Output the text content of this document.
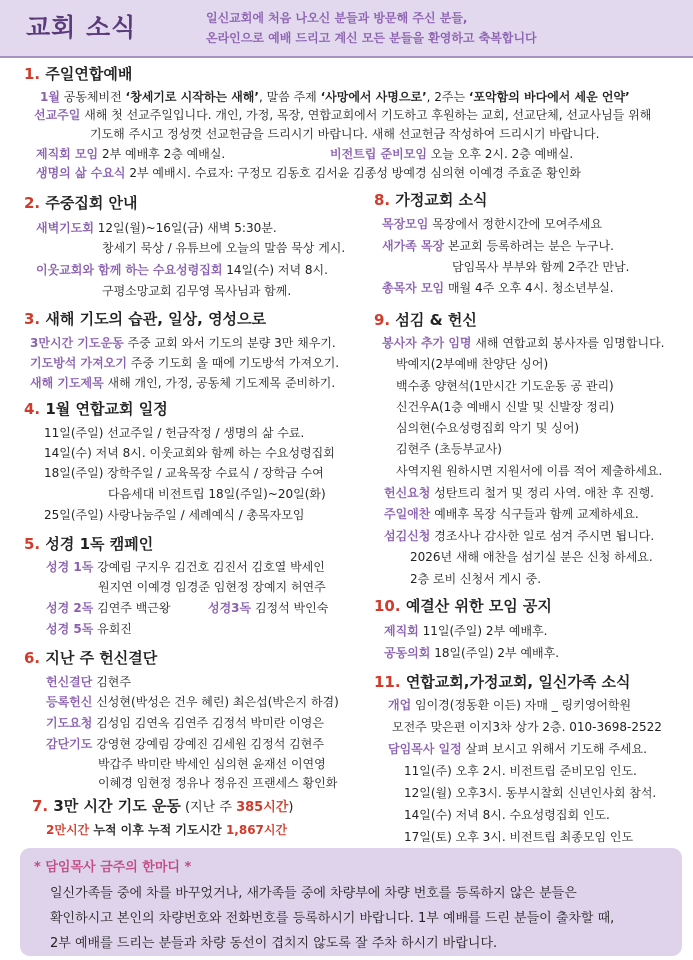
교회 소식	일신교회에 처음 나오신 분들과 방문해 주신 분들,
온라인으로 예배 드리고 계신 모든 분들을 환영하고 축복합니다
1. 주일연합예배
1월 공동체비전 ‘창세기로 시작하는 새해’, 말씀 주제 ‘사망에서 사명으로’, 2주는 ‘포악함의 바다에서 세운 언약’
선교주일 새해 첫 선교주일입니다. 개인, 가정, 목장, 연합교회에서 기도하고 후원하는 교회, 선교단체, 선교사님들 위해
기도해 주시고 정성껏 선교헌금을 드리시기 바랍니다. 새해 선교헌금 작성하여 드리시기 바랍니다.
제직회 모임 2부 예배후 2층 예배실.	비전트립 준비모임 오늘 오후 2시. 2층 예배실.
생명의 삶 수요식 2부 예배시. 수료자: 구정모 김동호 김서윤 김종성 방예경 심의현 이예경 주효준 황인화
2. 주중집회 안내
새벽기도회 12일(월)~16일(금) 새벽 5:30분.
창세기 묵상 / 유튜브에 오늘의 말씀 묵상 게시.
이웃교회와 함께 하는 수요성령집회 14일(수) 저녁 8시.
구평소망교회 김무영 목사님과 함께.
3. 새해 기도의 습관, 일상, 영성으로
3만시간 기도운동 주중 교회 와서 기도의 분량 3만 채우기.
기도방석 가져오기 주중 기도회 올 때에 기도방석 가져오기.
새해 기도제목 새해 개인, 가정, 공동체 기도제목 준비하기.
4. 1월 연합교회 일정
11일(주일) 선교주일 / 헌금작정 / 생명의 삶 수료.
14일(수) 저녁 8시. 이웃교회와 함께 하는 수요성령집회
18일(주일) 장학주일 / 교육목장 수료식 / 장학금 수여
다음세대 비전트립 18일(주일)~20일(화)
25일(주일) 사랑나눔주일 / 세례예식 / 총목자모임
5. 성경 1독 캠페인
성경 1독 강예림 구지우 김건호 김진서 김호열 박세인
원지연 이예경 임경준 임현정 장예지 허연주
성경 2독 김연주 백근왕	성경3독 김정석 박인숙
성경 5독 유회진
6. 지난 주 헌신결단
헌신결단 김현주
등록헌신 신성현(박성은 건우 혜린) 최은섭(박은지 하겸)
기도요청 김성임 김연옥 김연주 김정석 박미란 이영은
감단기도 강영현 강예림 강예진 김세원 김정석 김현주
박갑주 박미란 박세인 심의현 윤재선 이연영
이혜경 임현정 정유나 정유진 프랜세스 황인화
7. 3만 시간 기도 운동 (지난 주 385시간)
2만시간 누적 이후 누적 기도시간 1,867시간
8. 가정교회 소식
목장모임 목장에서 정한시간에 모여주세요
새가족 목장 본교회 등록하려는 분은 누구나.
담임목사 부부와 함께 2주간 만남.
총목자 모임 매월 4주 오후 4시. 청소년부실.
9. 섬김 & 헌신
봉사자 추가 임명 새해 연합교회 봉사자를 임명합니다.
박예지(2부예배 찬양단 싱어)
백수종 양현석(1만시간 기도운동 공 관리)
신건우A(1층 예배시 신발 및 신발장 정리)
심의현(수요성령집회 악기 및 싱어)
김현주 (초등부교사)
사역지원 원하시면 지원서에 이름 적어 제출하세요.
헌신요청 성탄트리 철거 및 정리 사역. 애찬 후 진행.
주일애찬 예배후 목장 식구들과 함께 교제하세요.
섬김신청 경조사나 감사한 일로 섬겨 주시면 됩니다.
2026년 새해 애찬을 섬기실 분은 신청 하세요.
2층 로비 신청서 게시 중.
10. 예결산 위한 모임 공지
제직회 11일(주일) 2부 예배후.
공동의회 18일(주일) 2부 예배후.
11. 연합교회,가정교회, 일신가족 소식
개업 임이경(정동환 이든) 자매 _ 링키영어학원
모전주 맞은편 이지3차 상가 2층. 010-3698-2522
담임목사 일정 살펴 보시고 위해서 기도해 주세요.
11일(주) 오후 2시. 비전트립 준비모임 인도.
12일(월) 오후3시. 동부시찰회 신년인사회 참석.
14일(수) 저녁 8시. 수요성령집회 인도.
17일(토) 오후 3시. 비전트립 최종모임 인도
* 담임목사 금주의 한마디 *
일신가족들 중에 차를 바꾸었거나, 새가족들 중에 차량부에 차량 번호를 등록하지 않은 분들은
확인하시고 본인의 차량번호와 전화번호를 등록하시기 바랍니다. 1부 예배를 드린 분들이 출차할 때,
2부 예배를 드리는 분들과 차량 동선이 겹치지 않도록 잘 주차 하시기 바랍니다.
